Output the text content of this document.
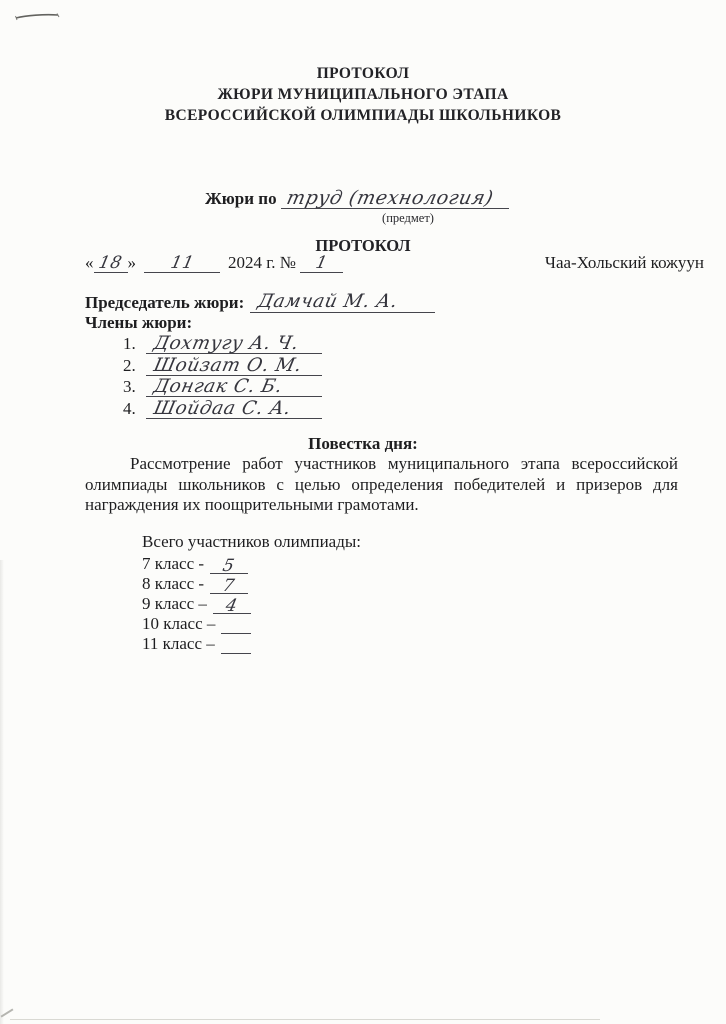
ПРОТОКОЛ
ЖЮРИ МУНИЦИПАЛЬНОГО ЭТАПА
ВСЕРОССИЙСКОЙ ОЛИМПИАДЫ ШКОЛЬНИКОВ
Жюри по труд (технология)
(предмет)
ПРОТОКОЛ
« 18 » 11 2024 г. № 1	Чаа-Хольский кожуун
Председатель жюри: Дамчай М. А.
Члены жюри:
1. Дохтугу А. Ч.
2. Шойзат О. М.
3. Донгак С. Б.
4. Шойдаа С. А.
Повестка дня:
Рассмотрение работ участников муниципального этапа всероссийской олимпиады школьников с целью определения победителей и призеров для награждения их поощрительными грамотами.
Всего участников олимпиады:
7 класс - 5
8 класс - 7
9 класс – 4
10 класс –
11 класс –
